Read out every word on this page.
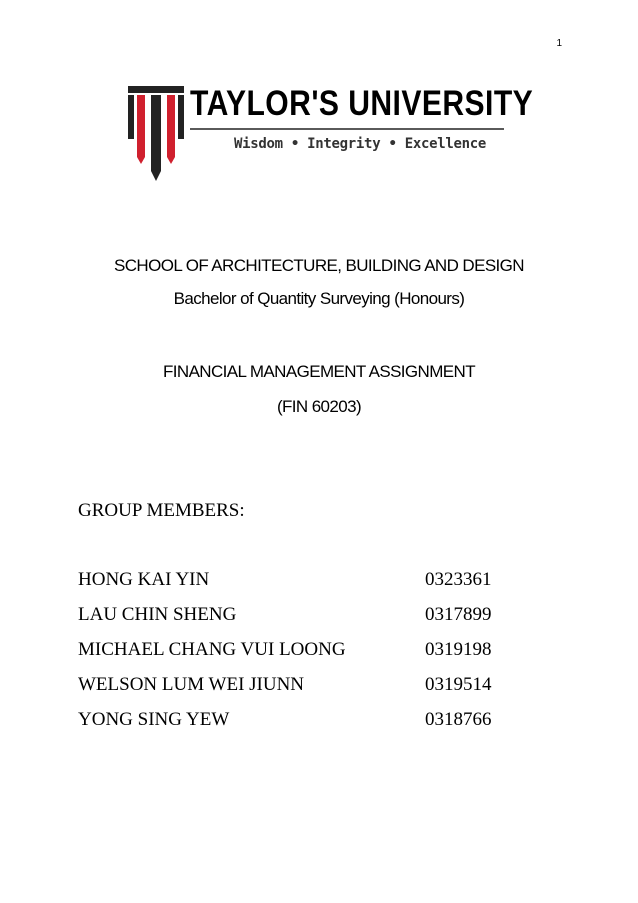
1
TAYLOR'S UNIVERSITY
Wisdom • Integrity • Excellence
SCHOOL OF ARCHITECTURE, BUILDING AND DESIGN
Bachelor of Quantity Surveying (Honours)
FINANCIAL MANAGEMENT ASSIGNMENT
(FIN 60203)
GROUP MEMBERS:
HONG KAI YIN	0323361
LAU CHIN SHENG	0317899
MICHAEL CHANG VUI LOONG	0319198
WELSON LUM WEI JIUNN	0319514
YONG SING YEW	0318766
